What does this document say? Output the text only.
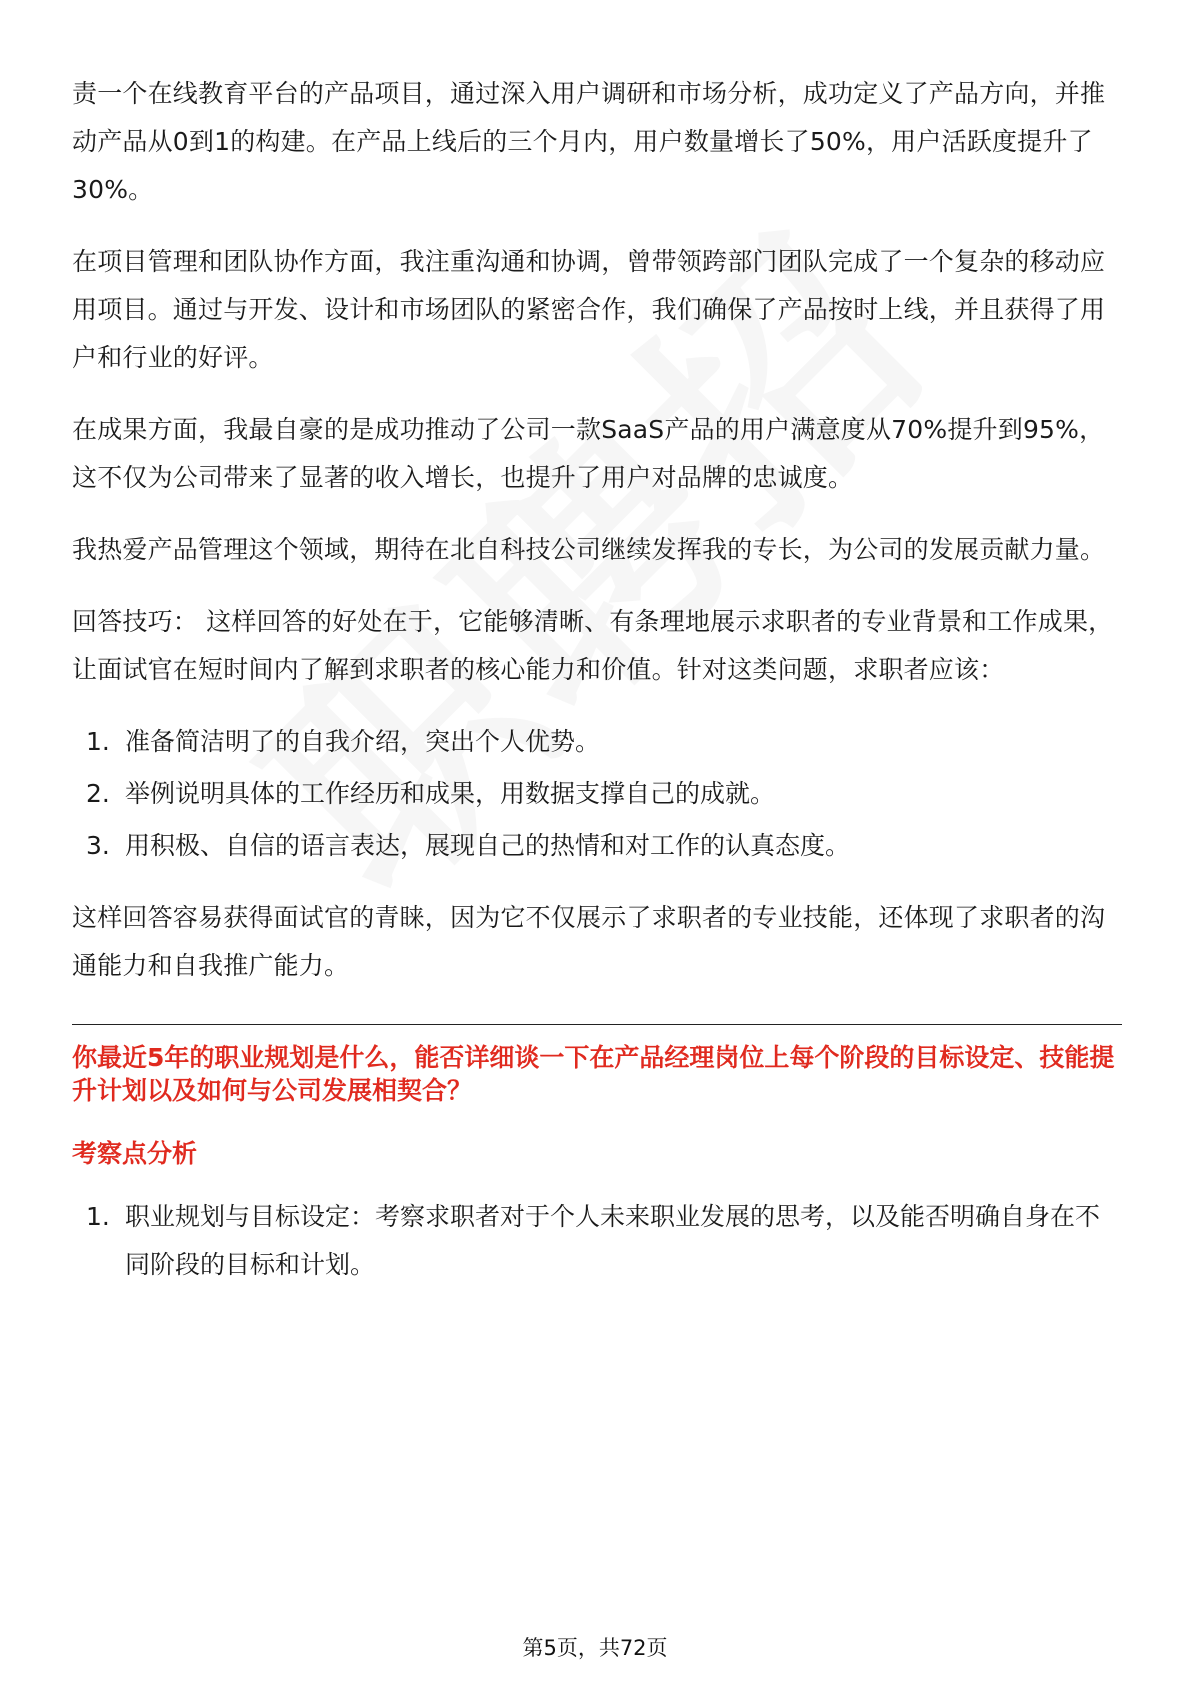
责一个在线教育平台的产品项目，通过深入用户调研和市场分析，成功定义了产品方向，并推动产品从0到1的构建。在产品上线后的三个月内，用户数量增长了50%，用户活跃度提升了30%。

在项目管理和团队协作方面，我注重沟通和协调，曾带领跨部门团队完成了一个复杂的移动应用项目。通过与开发、设计和市场团队的紧密合作，我们确保了产品按时上线，并且获得了用户和行业的好评。

在成果方面，我最自豪的是成功推动了公司一款SaaS产品的用户满意度从70%提升到95%，这不仅为公司带来了显著的收入增长，也提升了用户对品牌的忠诚度。

我热爱产品管理这个领域，期待在北自科技公司继续发挥我的专长，为公司的发展贡献力量。

回答技巧： 这样回答的好处在于，它能够清晰、有条理地展示求职者的专业背景和工作成果，让面试官在短时间内了解到求职者的核心能力和价值。针对这类问题，求职者应该：

1. 准备简洁明了的自我介绍，突出个人优势。
2. 举例说明具体的工作经历和成果，用数据支撑自己的成就。
3. 用积极、自信的语言表达，展现自己的热情和对工作的认真态度。

这样回答容易获得面试官的青睐，因为它不仅展示了求职者的专业技能，还体现了求职者的沟通能力和自我推广能力。

你最近5年的职业规划是什么，能否详细谈一下在产品经理岗位上每个阶段的目标设定、技能提升计划以及如何与公司发展相契合？
考察点分析
1. 职业规划与目标设定：考察求职者对于个人未来职业发展的思考，以及能否明确自身在不同阶段的目标和计划。
第5页，共72页
